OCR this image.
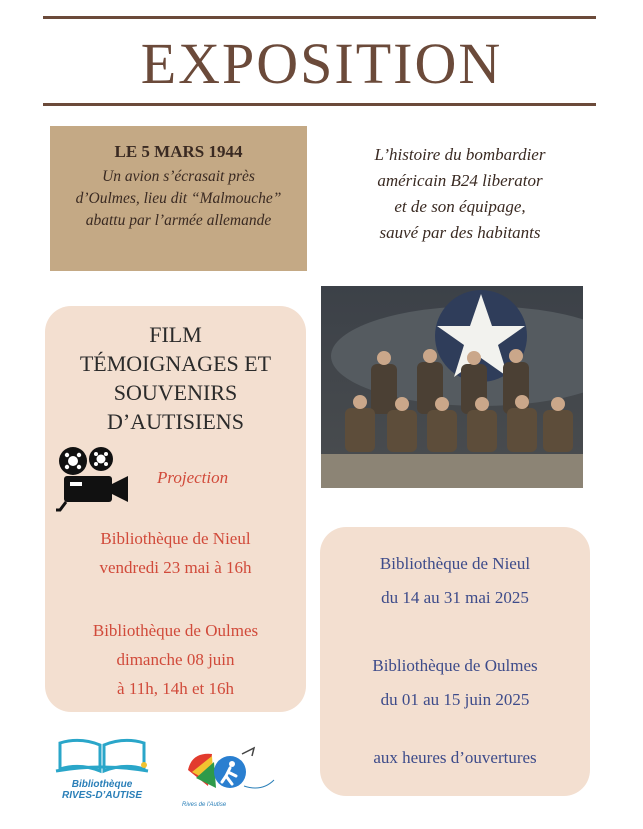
EXPOSITION
LE 5 MARS 1944
Un avion s’écrasait près
d’Oulmes, lieu dit “Malmouche”
abattu par l’armée allemande
L’histoire du bombardier
américain B24 liberator
et de son équipage,
sauvé par des habitants
FILM
TÉMOIGNAGES ET
SOUVENIRS
D’AUTISIENS
Projection
Bibliothèque de Nieul
vendredi 23 mai à 16h
Bibliothèque de Oulmes
dimanche 08 juin
à 11h, 14h et 16h
Bibliothèque de Nieul
du 14 au 31 mai 2025
Bibliothèque de Oulmes
du 01 au 15 juin 2025
aux heures d’ouvertures
Bibliothèque
RIVES-D’AUTISE
Rives de l'Autise
